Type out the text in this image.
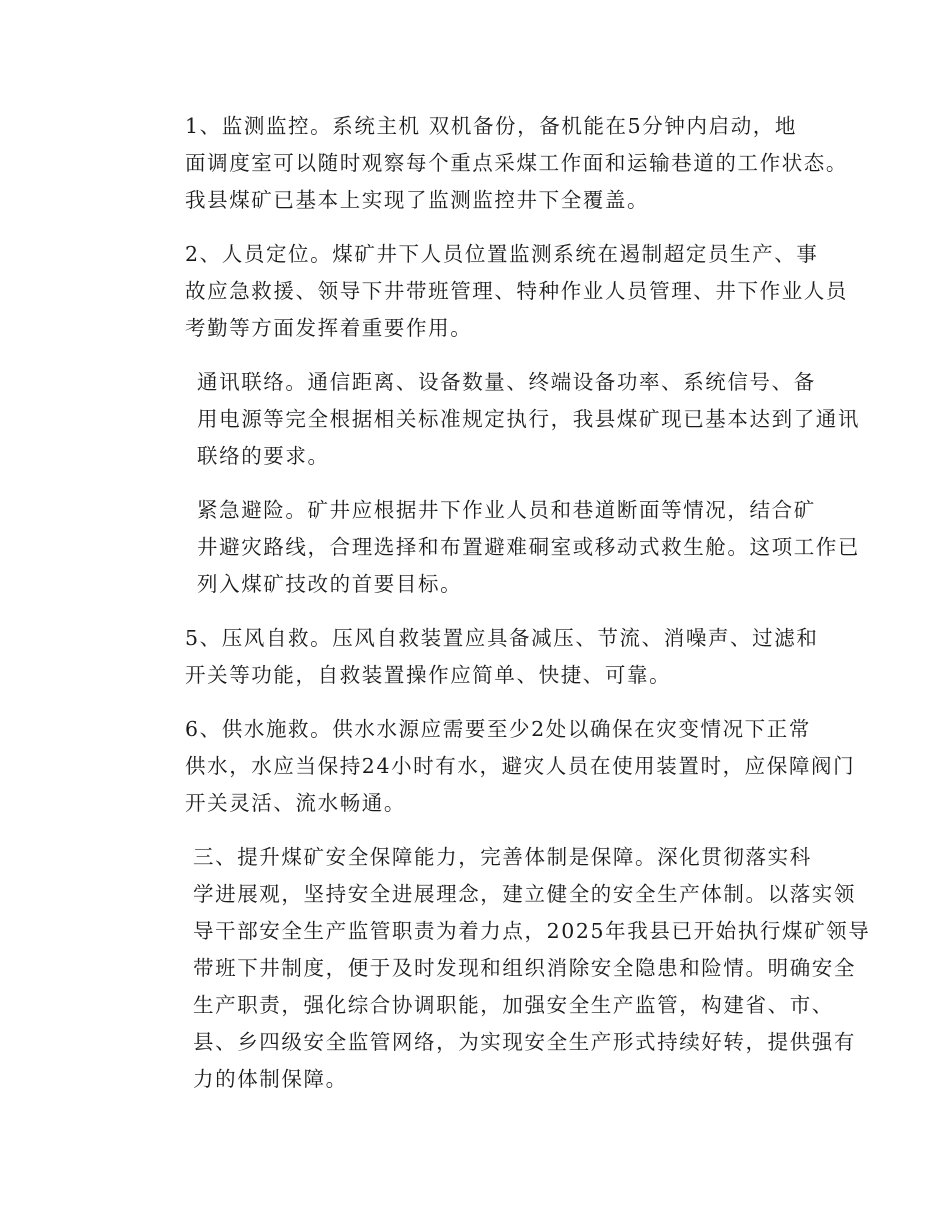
1、监测监控。系统主机 双机备份，备机能在5分钟内启动，地
面调度室可以随时观察每个重点采煤工作面和运输巷道的工作状态。
我县煤矿已基本上实现了监测监控井下全覆盖。

2、人员定位。煤矿井下人员位置监测系统在遏制超定员生产、事
故应急救援、领导下井带班管理、特种作业人员管理、井下作业人员
考勤等方面发挥着重要作用。

通讯联络。通信距离、设备数量、终端设备功率、系统信号、备
用电源等完全根据相关标准规定执行，我县煤矿现已基本达到了通讯
联络的要求。

紧急避险。矿井应根据井下作业人员和巷道断面等情况，结合矿
井避灾路线，合理选择和布置避难硐室或移动式救生舱。这项工作已
列入煤矿技改的首要目标。

5、压风自救。压风自救装置应具备减压、节流、消噪声、过滤和
开关等功能，自救装置操作应简单、快捷、可靠。

6、供水施救。供水水源应需要至少2处以确保在灾变情况下正常
供水，水应当保持24小时有水，避灾人员在使用装置时，应保障阀门
开关灵活、流水畅通。

三、提升煤矿安全保障能力，完善体制是保障。深化贯彻落实科
学进展观，坚持安全进展理念，建立健全的安全生产体制。以落实领
导干部安全生产监管职责为着力点，2025年我县已开始执行煤矿领导
带班下井制度，便于及时发现和组织消除安全隐患和险情。明确安全
生产职责，强化综合协调职能，加强安全生产监管，构建省、市、
县、乡四级安全监管网络，为实现安全生产形式持续好转，提供强有
力的体制保障。
